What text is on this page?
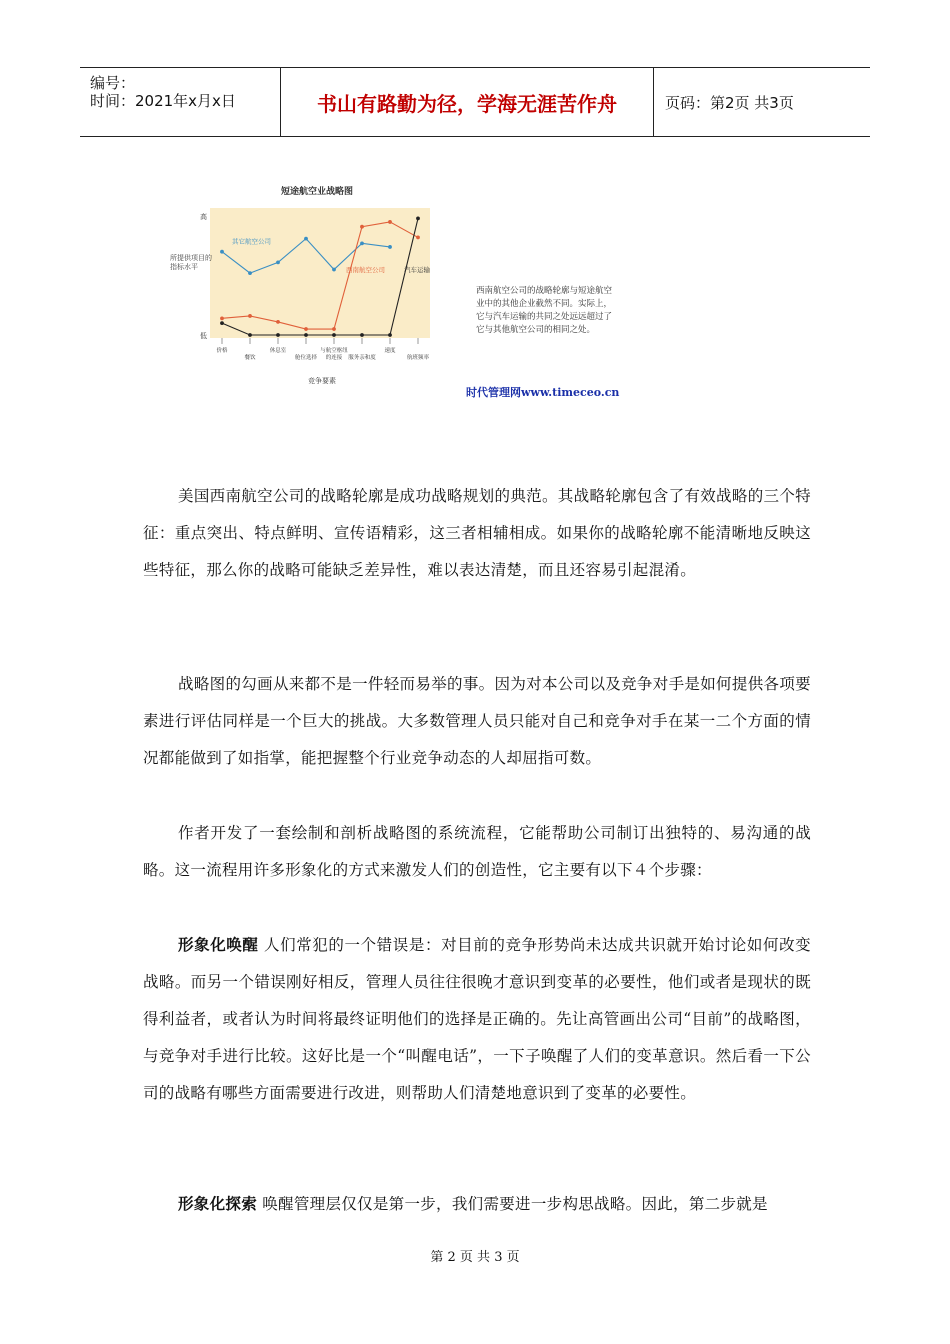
编号：
时间：2021年x月x日	书山有路勤为径，学海无涯苦作舟	页码：第2页 共3页
短途航空业战略图
所提供项目的 指标水平
竞争要素
高
低
价格
餐饮
休息室
舱位选择
与航空枢纽
的连接 服务亲和度
速度
航班频率
其它航空公司
西南航空公司	汽车运输
西南航空公司的战略轮廓与短途航空业中的其他企业截然不同。实际上，它与汽车运输的共同之处远远超过了它与其他航空公司的相同之处。
时代管理网www.timeceo.cn
美国西南航空公司的战略轮廓是成功战略规划的典范。其战略轮廓包含了有效战略的三个特征：重点突出、特点鲜明、宣传语精彩，这三者相辅相成。如果你的战略轮廓不能清晰地反映这些特征，那么你的战略可能缺乏差异性，难以表达清楚，而且还容易引起混淆。
战略图的勾画从来都不是一件轻而易举的事。因为对本公司以及竞争对手是如何提供各项要素进行评估同样是一个巨大的挑战。大多数管理人员只能对自己和竞争对手在某一二个方面的情况都能做到了如指掌，能把握整个行业竞争动态的人却屈指可数。
作者开发了一套绘制和剖析战略图的系统流程，它能帮助公司制订出独特的、易沟通的战略。这一流程用许多形象化的方式来激发人们的创造性，它主要有以下４个步骤：
形象化唤醒 人们常犯的一个错误是：对目前的竞争形势尚未达成共识就开始讨论如何改变战略。而另一个错误刚好相反，管理人员往往很晚才意识到变革的必要性，他们或者是现状的既得利益者，或者认为时间将最终证明他们的选择是正确的。先让高管画出公司“目前”的战略图，与竞争对手进行比较。这好比是一个“叫醒电话”，一下子唤醒了人们的变革意识。然后看一下公司的战略有哪些方面需要进行改进，则帮助人们清楚地意识到了变革的必要性。
形象化探索 唤醒管理层仅仅是第一步，我们需要进一步构思战略。因此，第二步就是
第 2 页 共 3 页
